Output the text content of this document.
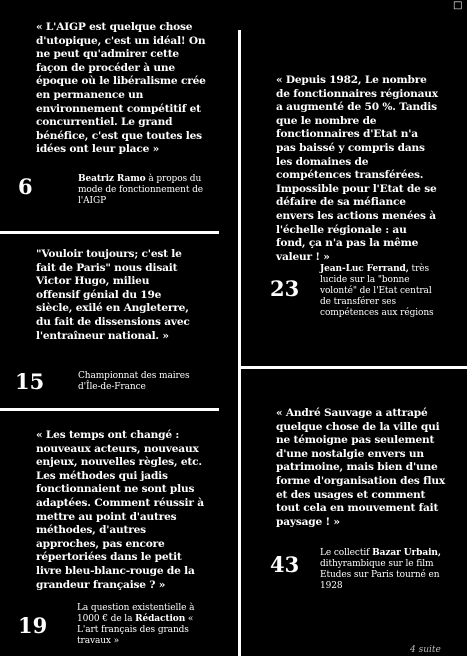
□
« L'AIGP est quelque chose d'utopique, c'est un idéal! On ne peut qu'admirer cette façon de procéder à une époque où le libéralisme crée en permanence un environnement compétitif et concurrentiel. Le grand bénéfice, c'est que toutes les idées ont leur place »
6	Beatriz Ramo à propos du mode de fonctionnement de l'AIGP
"Vouloir toujours; c'est le fait de Paris" nous disait Victor Hugo, milieu offensif génial du 19e siècle, exilé en Angleterre, du fait de dissensions avec l'entraîneur national. »
15	Championnat des maires d'Île-de-France
« Les temps ont changé : nouveaux acteurs, nouveaux enjeux, nouvelles règles, etc. Les méthodes qui jadis fonctionnaient ne sont plus adaptées. Comment réussir à mettre au point d'autres méthodes, d'autres approches, pas encore répertoriées dans le petit livre bleu-blanc-rouge de la grandeur française ? »
19
La question existentielle à 1000 € de la Rédaction « L'art français des grands travaux »
« Depuis 1982, Le nombre de fonctionnaires régionaux a augmenté de 50 %. Tandis que le nombre de fonctionnaires d'Etat n'a pas baissé y compris dans les domaines de compétences transférées. Impossible pour l'Etat de se défaire de sa méfiance envers les actions menées à l'échelle régionale : au fond, ça n'a pas la même valeur ! »
23
Jean-Luc Ferrand, très lucide sur la "bonne volonté" de l'Etat central de transférer ses compétences aux régions
« André Sauvage a attrapé quelque chose de la ville qui ne témoigne pas seulement d'une nostalgie envers un patrimoine, mais bien d'une forme d'organisation des flux et des usages et comment tout cela en mouvement fait paysage ! »
43 Le collectif Bazar Urbain, dithyrambique sur le film Etudes sur Paris tourné en 1928
4 suite
